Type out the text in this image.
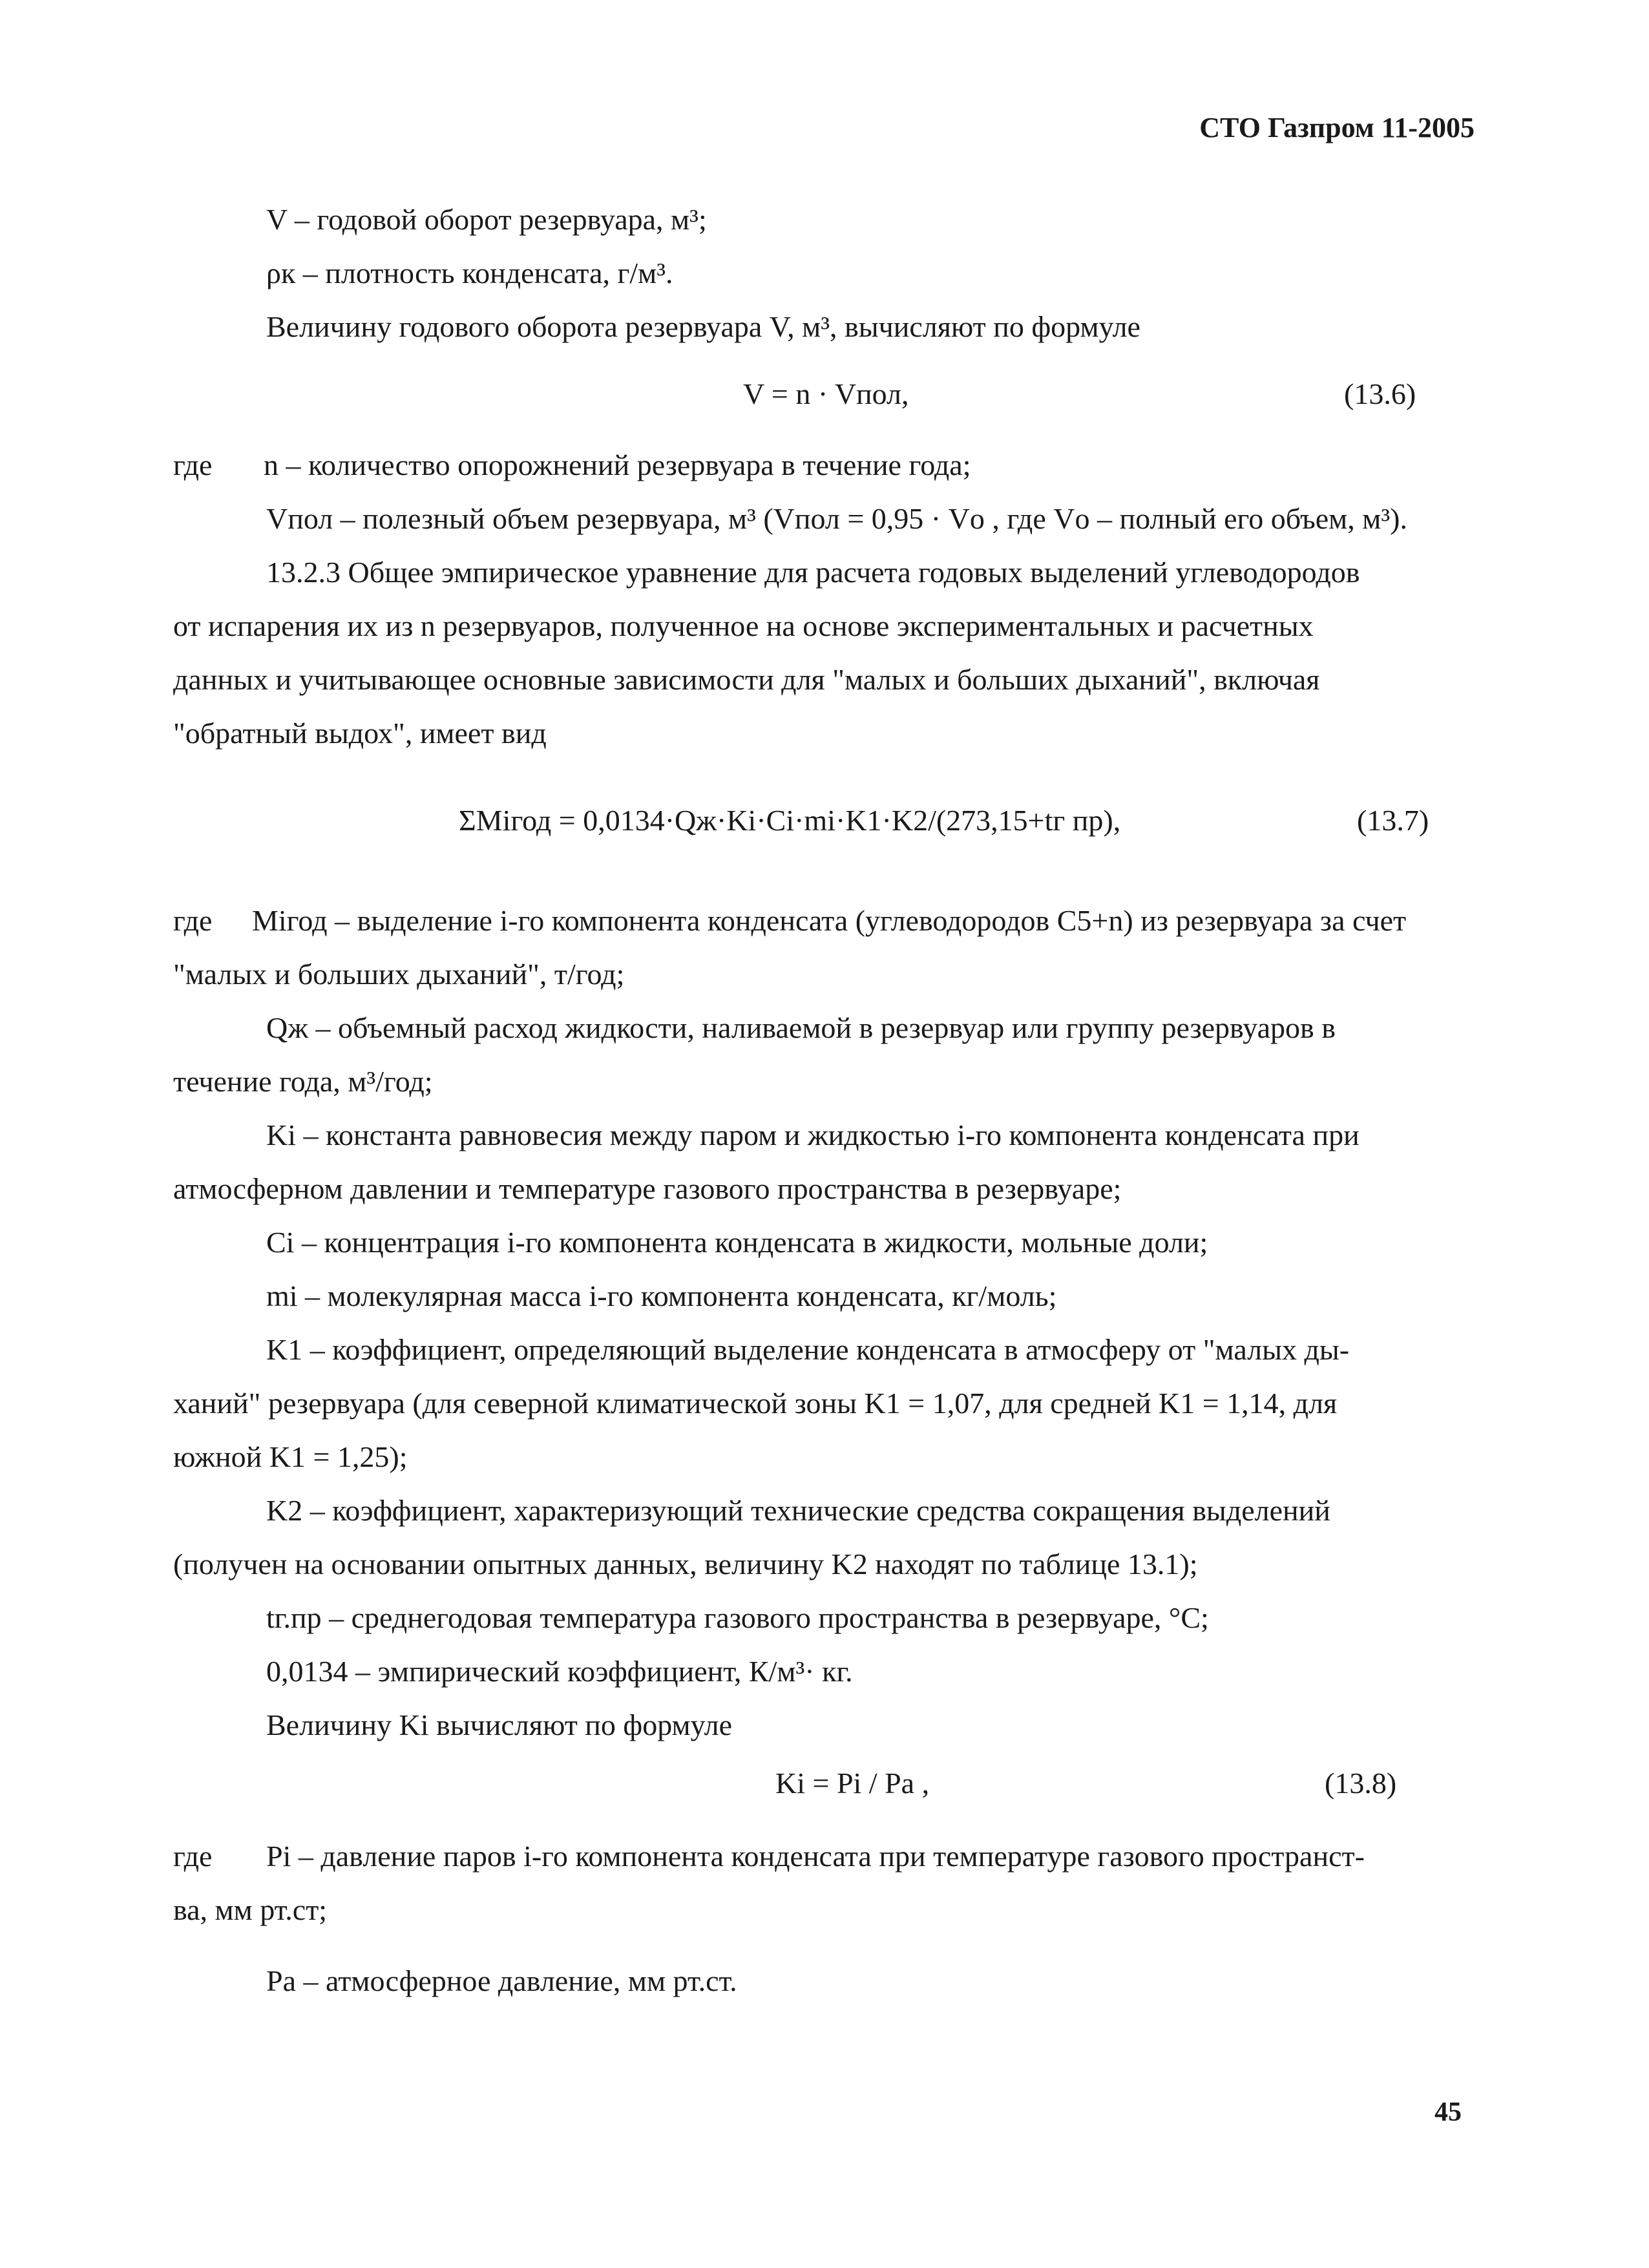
СТО Газпром 11-2005
V – годовой оборот резервуара, м³;
ρк – плотность конденсата, г/м³.
Величину годового оборота резервуара V, м³, вычисляют по формуле
V = n · Vпол,	(13.6)
где n – количество опорожнений резервуара в течение года;
Vпол – полезный объем резервуара, м³ (Vпол = 0,95 · Vо , где Vо – полный его объем, м³).
13.2.3 Общее эмпирическое уравнение для расчета годовых выделений углеводородов
от испарения их из n резервуаров, полученное на основе экспериментальных и расчетных
данных и учитывающее основные зависимости для "малых и больших дыханий", включая
"обратный выдох", имеет вид
ΣMiгод = 0,0134·Qж·Ki·Ci·mi·K1·K2/(273,15+tг пр),	(13.7)
где Miгод – выделение i-го компонента конденсата (углеводородов C5+n) из резервуара за счет
"малых и больших дыханий", т/год;
Qж – объемный расход жидкости, наливаемой в резервуар или группу резервуаров в
течение года, м³/год;
Ki – константа равновесия между паром и жидкостью i-го компонента конденсата при
атмосферном давлении и температуре газового пространства в резервуаре;
Ci – концентрация i-го компонента конденсата в жидкости, мольные доли;
mi – молекулярная масса i-го компонента конденсата, кг/моль;
K1 – коэффициент, определяющий выделение конденсата в атмосферу от "малых ды-
ханий" резервуара (для северной климатической зоны K1 = 1,07, для средней K1 = 1,14, для
южной K1 = 1,25);
K2 – коэффициент, характеризующий технические средства сокращения выделений
(получен на основании опытных данных, величину K2 находят по таблице 13.1);
tг.пр – среднегодовая температура газового пространства в резервуаре, °C;
0,0134 – эмпирический коэффициент, К/м³· кг.
Величину Ki вычисляют по формуле
Ki = Pi / Pa ,	(13.8)
где Pi – давление паров i-го компонента конденсата при температуре газового пространст-
ва, мм рт.ст;
Pa – атмосферное давление, мм рт.ст.
45
